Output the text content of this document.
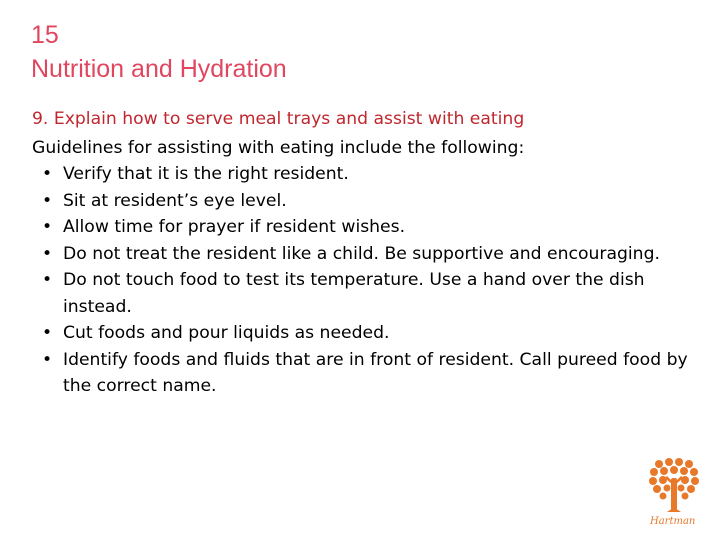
15
Nutrition and Hydration

9. Explain how to serve meal trays and assist with eating

Guidelines for assisting with eating include the following:

• Verify that it is the right resident.
• Sit at resident’s eye level.
• Allow time for prayer if resident wishes.
• Do not treat the resident like a child. Be supportive and encouraging.
• Do not touch food to test its temperature. Use a hand over the dish instead.
• Cut foods and pour liquids as needed.
• Identify foods and fluids that are in front of resident. Call pureed food by the correct name.
Hartman
